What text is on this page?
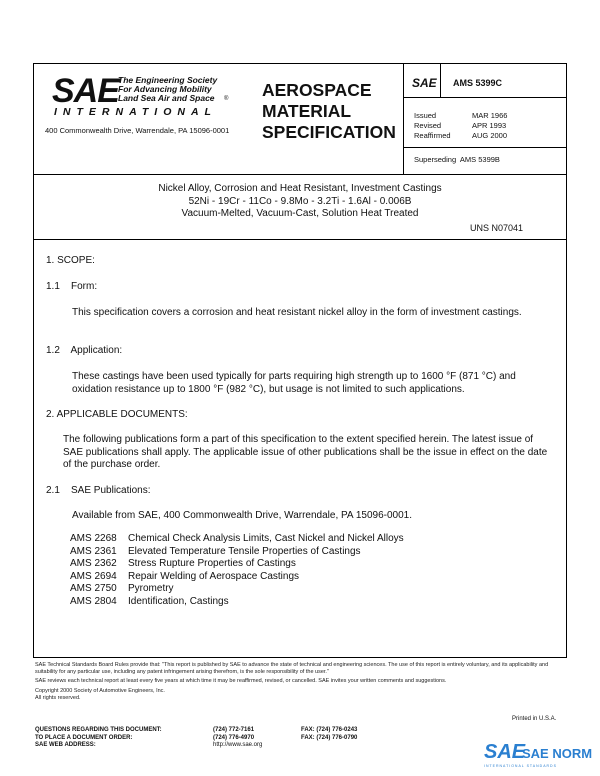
SAE The Engineering Society
For Advancing Mobility
Land Sea Air and Space	®
INTERNATIONAL
400 Commonwealth Drive, Warrendale, PA 15096-0001
AEROSPACE
MATERIAL
SPECIFICATION
SAE AMS 5399C
Issued	MAR 1966
Revised	APR 1993
Reaffirmed	AUG 2000
Superseding AMS 5399B
Nickel Alloy, Corrosion and Heat Resistant, Investment Castings
52Ni - 19Cr - 11Co - 9.8Mo - 3.2Ti - 1.6Al - 0.006B
Vacuum-Melted, Vacuum-Cast, Solution Heat Treated
UNS N07041
1. SCOPE:
1.1    Form:
This specification covers a corrosion and heat resistant nickel alloy in the form of investment castings.
1.2    Application:
These castings have been used typically for parts requiring high strength up to 1600 °F (871 °C) and oxidation resistance up to 1800 °F (982 °C), but usage is not limited to such applications.
2. APPLICABLE DOCUMENTS:
The following publications form a part of this specification to the extent specified herein. The latest issue of SAE publications shall apply. The applicable issue of other publications shall be the issue in effect on the date of the purchase order.
2.1    SAE Publications:
Available from SAE, 400 Commonwealth Drive, Warrendale, PA 15096-0001.
AMS 2268	Chemical Check Analysis Limits, Cast Nickel and Nickel Alloys
AMS 2361	Elevated Temperature Tensile Properties of Castings
AMS 2362	Stress Rupture Properties of Castings
AMS 2694	Repair Welding of Aerospace Castings
AMS 2750	Pyrometry
AMS 2804	Identification, Castings
SAE Technical Standards Board Rules provide that: "This report is published by SAE to advance the state of technical and engineering sciences. The use of this report is entirely voluntary, and its applicability and suitability for any particular use, including any patent infringement arising therefrom, is the sole responsibility of the user."
SAE reviews each technical report at least every five years at which time it may be reaffirmed, revised, or cancelled. SAE invites your written comments and suggestions.
Copyright 2000 Society of Automotive Engineers, Inc.
All rights reserved.
Printed in U.S.A.
QUESTIONS REGARDING THIS DOCUMENT:	(724) 772-7161	FAX: (724) 776-0243
TO PLACE A DOCUMENT ORDER:	(724) 776-4970	FAX: (724) 776-0790
SAE WEB ADDRESS:	http://www.sae.org	SAE
SAE NORM
INTERNATIONAL STANDARDS
